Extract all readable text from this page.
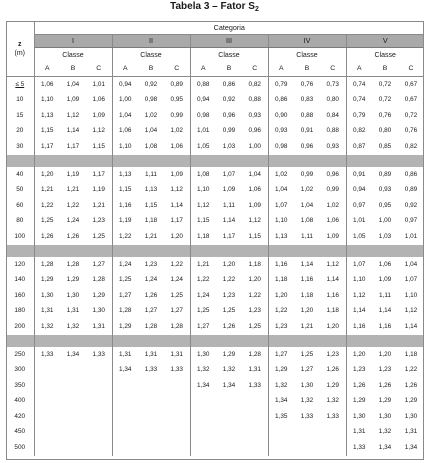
Tabela 3 – Fator $S_2$
z
(m)	Categoria														
	I			II			III			IV			V		
	Classe			Classe			Classe			Classe			Classe		
	A	B	C	A	B	C	A	B	C	A	B	C	A	B	C
≤ 5	1,06	1,04	1,01	0,94	0,92	0,89	0,88	0,86	0,82	0,79	0,76	0,73	0,74	0,72	0,67
10	1,10	1,09	1,06	1,00	0,98	0,95	0,94	0,92	0,88	0,86	0,83	0,80	0,74	0,72	0,67
15	1,13	1,12	1,09	1,04	1,02	0,99	0,98	0,96	0,93	0,90	0,88	0,84	0,79	0,76	0,72
20	1,15	1,14	1,12	1,06	1,04	1,02	1,01	0,99	0,96	0,93	0,91	0,88	0,82	0,80	0,76
30	1,17	1,17	1,15	1,10	1,08	1,06	1,05	1,03	1,00	0,98	0,96	0,93	0,87	0,85	0,82

40	1,20	1,19	1,17	1,13	1,11	1,09	1,08	1,07	1,04	1,02	0,99	0,96	0,91	0,89	0,86
50	1,21	1,21	1,19	1,15	1,13	1,12	1,10	1,09	1,06	1,04	1,02	0,99	0,94	0,93	0,89
60	1,22	1,22	1,21	1,16	1,15	1,14	1,12	1,11	1,09	1,07	1,04	1,02	0,97	0,95	0,92
80	1,25	1,24	1,23	1,19	1,18	1,17	1,15	1,14	1,12	1,10	1,08	1,06	1,01	1,00	0,97
100	1,26	1,26	1,25	1,22	1,21	1,20	1,18	1,17	1,15	1,13	1,11	1,09	1,05	1,03	1,01

120	1,28	1,28	1,27	1,24	1,23	1,22	1,21	1,20	1,18	1,16	1,14	1,12	1,07	1,06	1,04
140	1,29	1,29	1,28	1,25	1,24	1,24	1,22	1,22	1,20	1,18	1,16	1,14	1,10	1,09	1,07
160	1,30	1,30	1,29	1,27	1,26	1,25	1,24	1,23	1,22	1,20	1,18	1,16	1,12	1,11	1,10
180	1,31	1,31	1,30	1,28	1,27	1,27	1,25	1,25	1,23	1,22	1,20	1,18	1,14	1,14	1,12
200	1,32	1,32	1,31	1,29	1,28	1,28	1,27	1,26	1,25	1,23	1,21	1,20	1,16	1,16	1,14

250	1,33	1,34	1,33	1,31	1,31	1,31	1,30	1,29	1,28	1,27	1,25	1,23	1,20	1,20	1,18
300				1,34	1,33	1,33	1,32	1,32	1,31	1,29	1,27	1,26	1,23	1,23	1,22
350							1,34	1,34	1,33	1,32	1,30	1,29	1,26	1,26	1,26
400										1,34	1,32	1,32	1,29	1,29	1,29
420										1,35	1,33	1,33	1,30	1,30	1,30
450													1,31	1,32	1,31
500													1,33	1,34	1,34
